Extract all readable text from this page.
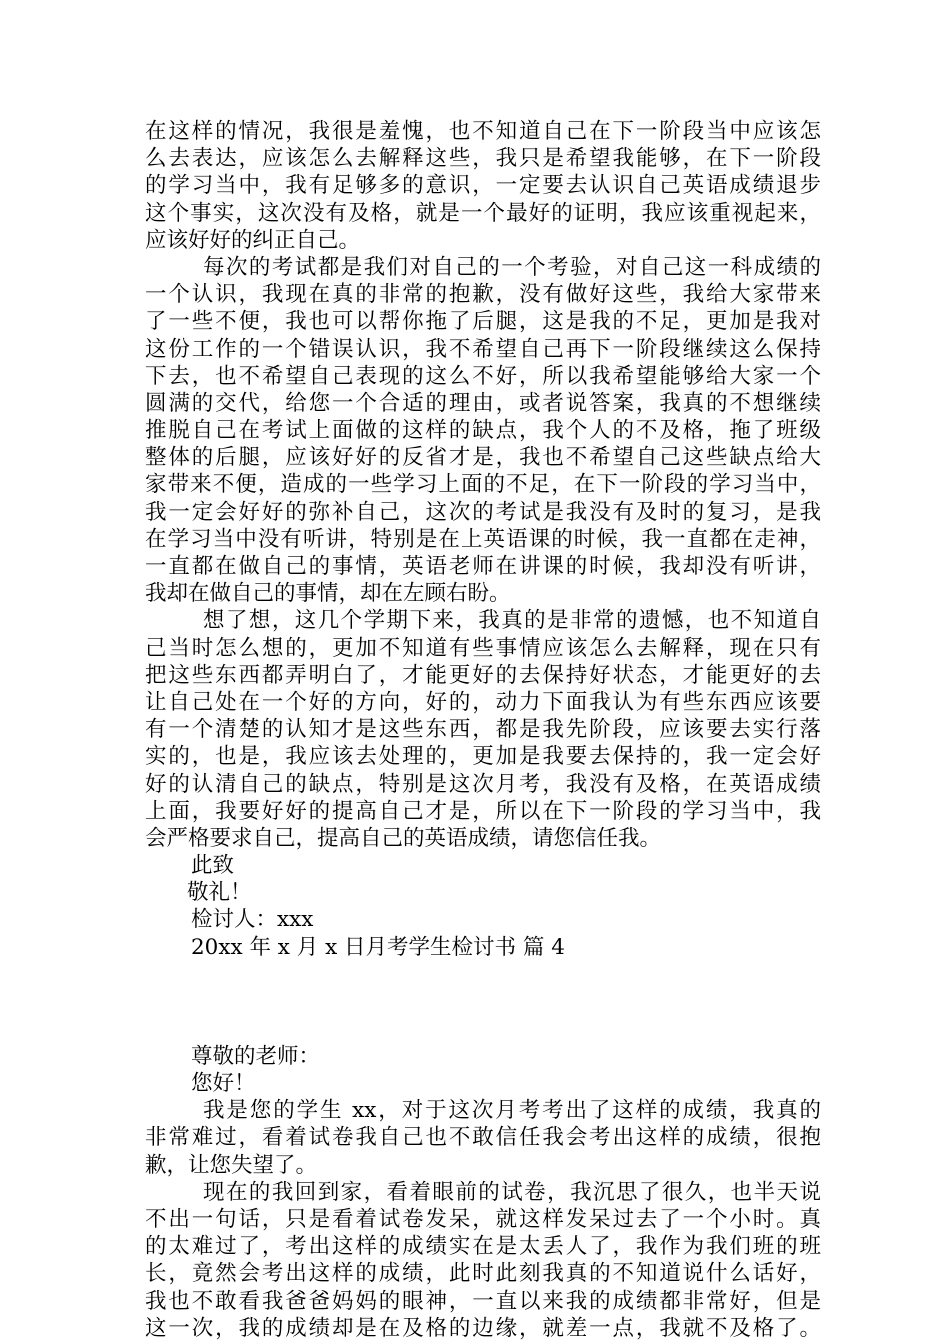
在这样的情况，我很是羞愧，也不知道自己在下一阶段当中应该怎
么去表达，应该怎么去解释这些，我只是希望我能够，在下一阶段
的学习当中，我有足够多的意识，一定要去认识自己英语成绩退步
这个事实，这次没有及格，就是一个最好的证明，我应该重视起来，
应该好好的纠正自己。
每次的考试都是我们对自己的一个考验，对自己这一科成绩的
一个认识，我现在真的非常的抱歉，没有做好这些，我给大家带来
了一些不便，我也可以帮你拖了后腿，这是我的不足，更加是我对
这份工作的一个错误认识，我不希望自己再下一阶段继续这么保持
下去，也不希望自己表现的这么不好，所以我希望能够给大家一个
圆满的交代，给您一个合适的理由，或者说答案，我真的不想继续
推脱自己在考试上面做的这样的缺点，我个人的不及格，拖了班级
整体的后腿，应该好好的反省才是，我也不希望自己这些缺点给大
家带来不便，造成的一些学习上面的不足，在下一阶段的学习当中，
我一定会好好的弥补自己，这次的考试是我没有及时的复习，是我
在学习当中没有听讲，特别是在上英语课的时候，我一直都在走神，
一直都在做自己的事情，英语老师在讲课的时候，我却没有听讲，
我却在做自己的事情，却在左顾右盼。
想了想，这几个学期下来，我真的是非常的遗憾，也不知道自
己当时怎么想的，更加不知道有些事情应该怎么去解释，现在只有
把这些东西都弄明白了，才能更好的去保持好状态，才能更好的去
让自己处在一个好的方向，好的，动力下面我认为有些东西应该要
有一个清楚的认知才是这些东西，都是我先阶段，应该要去实行落
实的，也是，我应该去处理的，更加是我要去保持的，我一定会好
好的认清自己的缺点，特别是这次月考，我没有及格，在英语成绩
上面，我要好好的提高自己才是，所以在下一阶段的学习当中，我
会严格要求自己，提高自己的英语成绩，请您信任我。
此致
敬礼！
检讨人：xxx
20xx 年 x 月 x 日月考学生检讨书 篇 4
尊敬的老师：
您好！
我是您的学生 xx，对于这次月考考出了这样的成绩，我真的
非常难过，看着试卷我自己也不敢信任我会考出这样的成绩，很抱
歉，让您失望了。
现在的我回到家，看着眼前的试卷，我沉思了很久，也半天说
不出一句话，只是看着试卷发呆，就这样发呆过去了一个小时。真
的太难过了，考出这样的成绩实在是太丢人了，我作为我们班的班
长，竟然会考出这样的成绩，此时此刻我真的不知道说什么话好，
我也不敢看我爸爸妈妈的眼神，一直以来我的成绩都非常好，但是
这一次，我的成绩却是在及格的边缘，就差一点，我就不及格了。
